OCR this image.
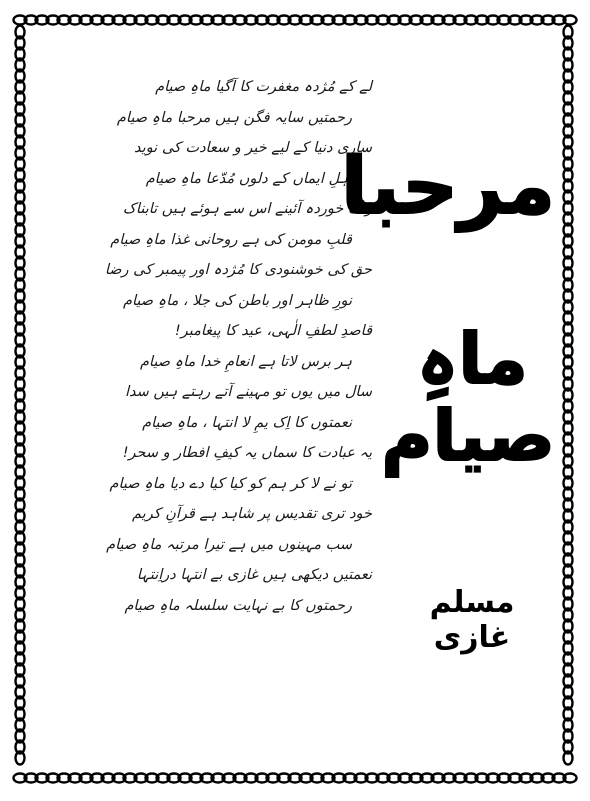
لے کے مُژدہ مغفرت کا آگیا ماہِ صیام
رحمتیں سایہ فگن ہیں مرحبا ماہِ صیام
ساری دنیا کے لیے خیر و سعادت کی نوید
اہلِ ایماں کے دلوں مُدّعا ماہِ صیام
زنگ خوردہ آئینے اس سے ہوئے ہیں تابناک
قلبِ مومن کی ہے روحانی غذا ماہِ صیام
حق کی خوشنودی کا مُژدہ اور پیمبر کی رضا
نورِ ظاہر اور باطن کی جلا ، ماہِ صیام
قاصدِ لطفِ الٰہی، عید کا پیغامبر!
ہر برس لاتا ہے انعامِ خدا ماہِ صیام
سال میں یوں تو مہینے آتے رہتے ہیں سدا
نعمتوں کا اِک یمِ لا انتہا ، ماہِ صیام
یہ عبادت کا سماں یہ کیفِ افطار و سحر!
تو نے لا کر ہم کو کیا کیا دے دیا ماہِ صیام
خود تری تقدیس پر شاہد ہے قرآنِ کریم
سب مہینوں میں ہے تیرا مرتبہ ماہِ صیام
نعمتیں دیکھی ہیں غازی بے انتہا دراِنتہا
رحمتوں کا بے نہایت سلسلہ ماہِ صیام
مرحبا
ماہِ صیام
مسلم غازی
